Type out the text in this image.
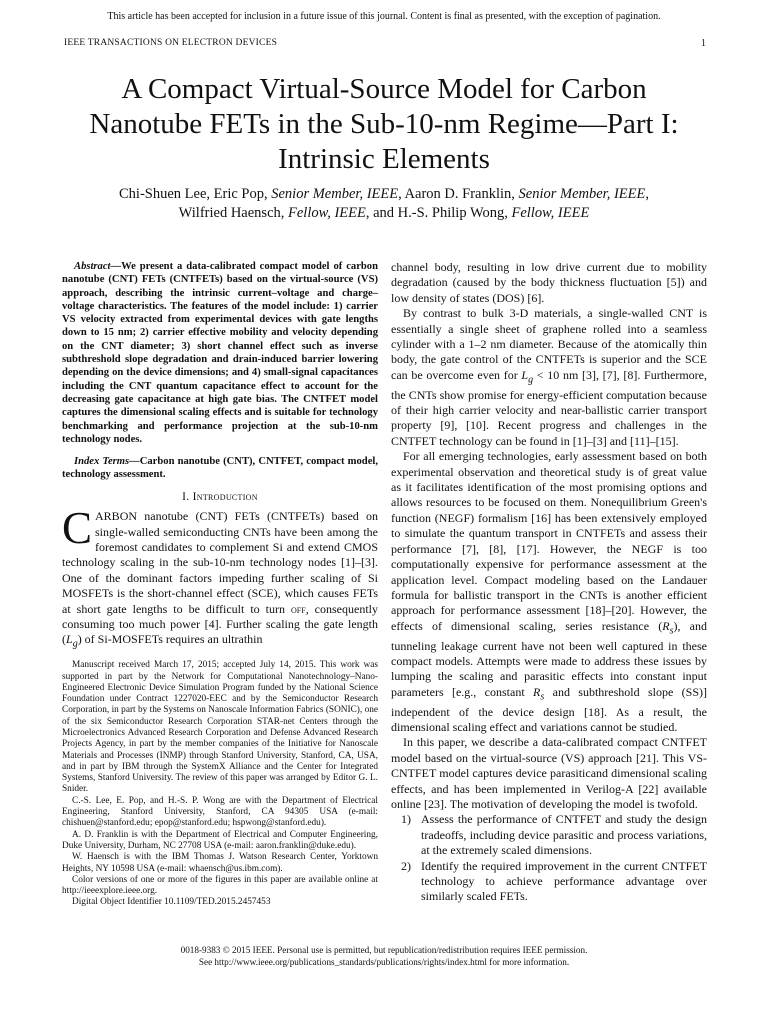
This article has been accepted for inclusion in a future issue of this journal. Content is final as presented, with the exception of pagination.
IEEE TRANSACTIONS ON ELECTRON DEVICES	1
A Compact Virtual-Source Model for Carbon Nanotube FETs in the Sub-10-nm Regime—Part I: Intrinsic Elements
Chi-Shuen Lee, Eric Pop, Senior Member, IEEE, Aaron D. Franklin, Senior Member, IEEE,
Wilfried Haensch, Fellow, IEEE, and H.-S. Philip Wong, Fellow, IEEE

Abstract—We present a data-calibrated compact model of carbon nanotube (CNT) FETs (CNTFETs) based on the virtual-source (VS) approach, describing the intrinsic current–voltage and charge–voltage characteristics. The features of the model include: 1) carrier VS velocity extracted from experimental devices with gate lengths down to 15 nm; 2) carrier effective mobility and velocity depending on the CNT diameter; 3) short channel effect such as inverse subthreshold slope degradation and drain-induced barrier lowering depending on the device dimensions; and 4) small-signal capacitances including the CNT quantum capacitance effect to account for the decreasing gate capacitance at high gate bias. The CNTFET model captures the dimensional scaling effects and is suitable for technology benchmarking and performance projection at the sub-10-nm technology nodes.

Index Terms—Carbon nanotube (CNT), CNTFET, compact model, technology assessment.

I. Introduction

CARBON nanotube (CNT) FETs (CNTFETs) based on single-walled semiconducting CNTs have been among the foremost candidates to complement Si and extend CMOS technology scaling in the sub-10-nm technology nodes [1]–[3]. One of the dominant factors impeding further scaling of Si MOSFETs is the short-channel effect (SCE), which causes FETs at short gate lengths to be difficult to turn off, consequently consuming too much power [4]. Further scaling the gate length $(L_g)$ of Si-MOSFETs requires an ultrathin

Manuscript received March 17, 2015; accepted July 14, 2015. This work was supported in part by the Network for Computational Nanotechnology–Nano-Engineered Electronic Device Simulation Program funded by the National Science Foundation under Contract 1227020-EEC and by the Semiconductor Research Corporation, in part by the Systems on Nanoscale Information Fabrics (SONIC), one of the six Semiconductor Research Corporation STAR-net Centers through the Microelectronics Advanced Research Corporation and Defense Advanced Research Projects Agency, in part by the member companies of the Initiative for Nanoscale Materials and Processes (INMP) through Stanford University, Stanford, CA, USA, and in part by IBM through the SystemX Alliance and the Center for Integrated Systems, Stanford University. The review of this paper was arranged by Editor G. L. Snider.

C.-S. Lee, E. Pop, and H.-S. P. Wong are with the Department of Electrical Engineering, Stanford University, Stanford, CA 94305 USA (e-mail: chishuen@stanford.edu; epop@stanford.edu; hspwong@stanford.edu).

A. D. Franklin is with the Department of Electrical and Computer Engineering, Duke University, Durham, NC 27708 USA (e-mail: aaron.franklin@duke.edu).

W. Haensch is with the IBM Thomas J. Watson Research Center, Yorktown Heights, NY 10598 USA (e-mail: whaensch@us.ibm.com).

Color versions of one or more of the figures in this paper are available online at http://ieeexplore.ieee.org.

Digital Object Identifier 10.1109/TED.2015.2457453

channel body, resulting in low drive current due to mobility degradation (caused by the body thickness fluctuation [5]) and low density of states (DOS) [6].

By contrast to bulk 3-D materials, a single-walled CNT is essentially a single sheet of graphene rolled into a seamless cylinder with a 1–2 nm diameter. Because of the atomically thin body, the gate control of the CNTFETs is superior and the SCE can be overcome even for $L_g < 10$ nm [3], [7], [8]. Furthermore, the CNTs show promise for energy-efficient computation because of their high carrier velocity and near-ballistic carrier transport property [9], [10]. Recent progress and challenges in the CNTFET technology can be found in [1]–[3] and [11]–[15].

For all emerging technologies, early assessment based on both experimental observation and theoretical study is of great value as it facilitates identification of the most promising options and allows resources to be focused on them. Nonequilibrium Green's function (NEGF) formalism [16] has been extensively employed to simulate the quantum transport in CNTFETs and assess their performance [7], [8], [17]. However, the NEGF is too computationally expensive for performance assessment at the application level. Compact modeling based on the Landauer formula for ballistic transport in the CNTs is another efficient approach for performance assessment [18]–[20]. However, the effects of dimensional scaling, series resistance $(R_s)$, and tunneling leakage current have not been well captured in these compact models. Attempts were made to address these issues by lumping the scaling and parasitic effects into constant input parameters [e.g., constant $R_s$ and subthreshold slope (SS)] independent of the device design [18]. As a result, the dimensional scaling effect and variations cannot be studied.

In this paper, we describe a data-calibrated compact CNTFET model based on the virtual-source (VS) approach [21]. This VS-CNTFET model captures device parasiticand dimensional scaling effects, and has been implemented in Verilog-A [22] available online [23]. The motivation of developing the model is twofold.

1) Assess the performance of CNTFET and study the design tradeoffs, including device parasitic and process variations, at the extremely scaled dimensions.
2) Identify the required improvement in the current CNTFET technology to achieve performance advantage over similarly scaled FETs.
0018-9383 © 2015 IEEE. Personal use is permitted, but republication/redistribution requires IEEE permission.
See http://www.ieee.org/publications_standards/publications/rights/index.html for more information.
